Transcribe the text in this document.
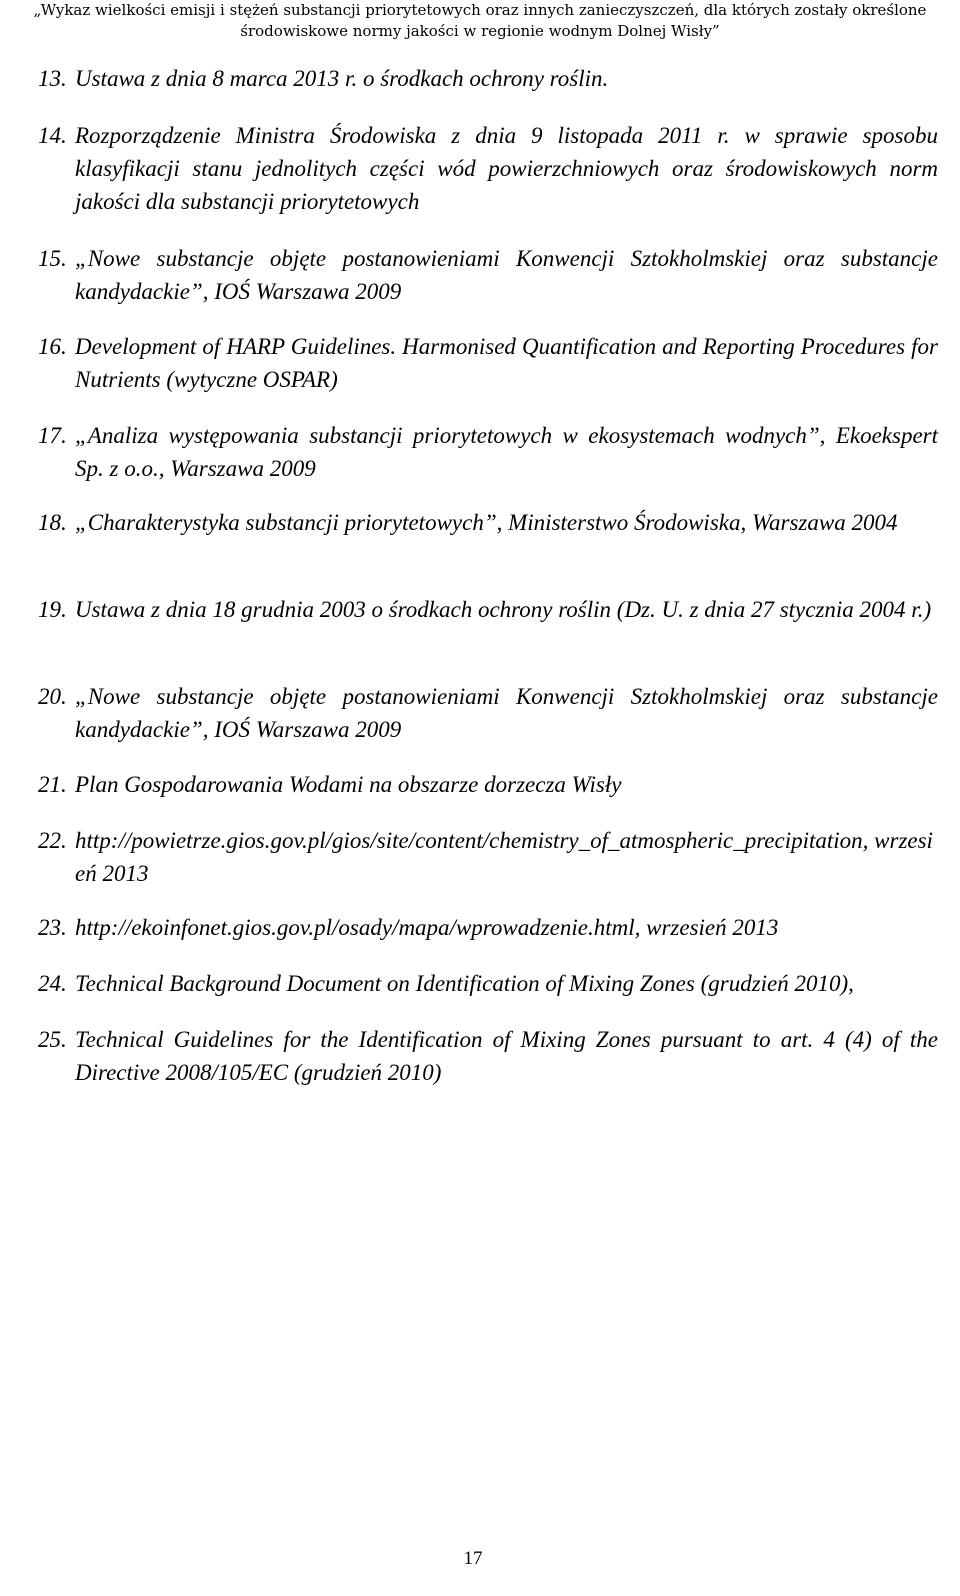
„Wykaz wielkości emisji i stężeń substancji priorytetowych oraz innych zanieczyszczeń, dla których zostały określone
środowiskowe normy jakości w regionie wodnym Dolnej Wisły”
13. Ustawa z dnia 8 marca 2013 r. o środkach ochrony roślin.
14. Rozporządzenie Ministra Środowiska z dnia 9 listopada 2011 r. w sprawie sposobu klasyfikacji stanu jednolitych części wód powierzchniowych oraz środowiskowych norm jakości dla substancji priorytetowych
15. „Nowe substancje objęte postanowieniami Konwencji Sztokholmskiej oraz substancje kandydackie”, IOŚ Warszawa 2009
16. Development of HARP Guidelines. Harmonised Quantification and Reporting Procedures for Nutrients (wytyczne OSPAR)
17. „Analiza występowania substancji priorytetowych w ekosystemach wodnych”, Ekoekspert Sp. z o.o., Warszawa 2009
18. „Charakterystyka substancji priorytetowych”, Ministerstwo Środowiska, Warszawa 2004
19. Ustawa z dnia 18 grudnia 2003 o środkach ochrony roślin (Dz. U. z dnia 27 stycznia 2004 r.)
20. „Nowe substancje objęte postanowieniami Konwencji Sztokholmskiej oraz substancje kandydackie”, IOŚ Warszawa 2009
21. Plan Gospodarowania Wodami na obszarze dorzecza Wisły
22. http://powietrze.gios.gov.pl/gios/site/content/chemistry_of_atmospheric_precipitation, wrzesień 2013
23. http://ekoinfonet.gios.gov.pl/osady/mapa/wprowadzenie.html, wrzesień 2013
24. Technical Background Document on Identification of Mixing Zones (grudzień 2010),
25. Technical Guidelines for the Identification of Mixing Zones pursuant to art. 4 (4) of the Directive 2008/105/EC (grudzień 2010)
17
